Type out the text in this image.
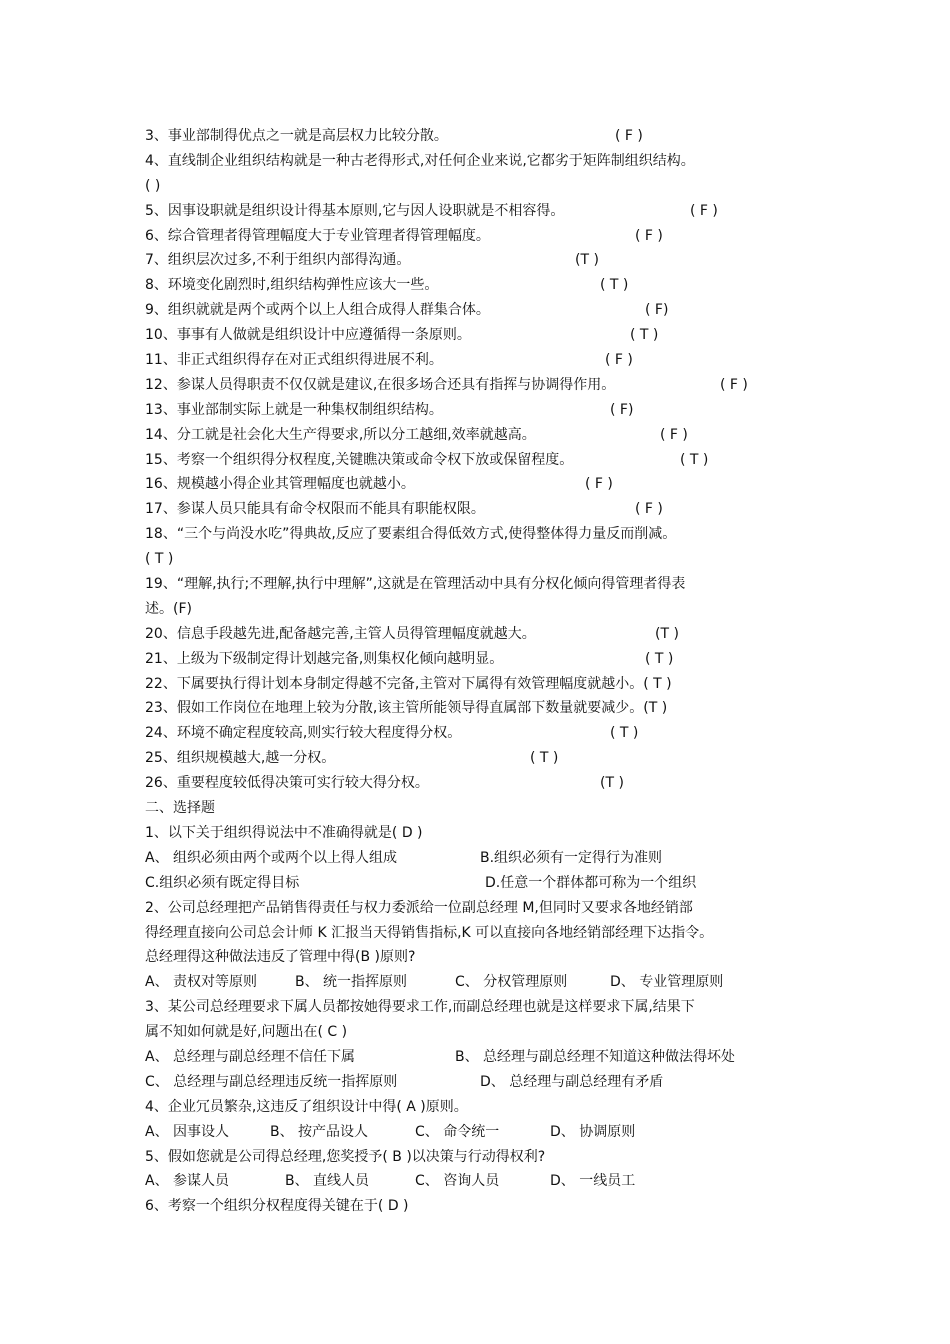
3、事业部制得优点之一就是高层权力比较分散。	( F )
4、直线制企业组织结构就是一种古老得形式,对任何企业来说,它都劣于矩阵制组织结构。
( )
5、因事设职就是组织设计得基本原则,它与因人设职就是不相容得。	( F )
6、综合管理者得管理幅度大于专业管理者得管理幅度。	( F )
7、组织层次过多,不利于组织内部得沟通。	(T )
8、环境变化剧烈时,组织结构弹性应该大一些。	( T )
9、组织就就是两个或两个以上人组合成得人群集合体。	( F)
10、事事有人做就是组织设计中应遵循得一条原则。	( T )
11、非正式组织得存在对正式组织得进展不利。	( F )
12、参谋人员得职责不仅仅就是建议,在很多场合还具有指挥与协调得作用。	( F )
13、事业部制实际上就是一种集权制组织结构。	( F)
14、分工就是社会化大生产得要求,所以分工越细,效率就越高。	( F )
15、考察一个组织得分权程度,关键瞧决策或命令权下放或保留程度。	( T )
16、规模越小得企业其管理幅度也就越小。	( F )
17、参谋人员只能具有命令权限而不能具有职能权限。	( F )
18、“三个与尚没水吃”得典故,反应了要素组合得低效方式,使得整体得力量反而削减。
( T )
19、“理解,执行;不理解,执行中理解”,这就是在管理活动中具有分权化倾向得管理者得表
述。(F)
20、信息手段越先进,配备越完善,主管人员得管理幅度就越大。	(T )
21、上级为下级制定得计划越完备,则集权化倾向越明显。	( T )
22、下属要执行得计划本身制定得越不完备,主管对下属得有效管理幅度就越小。( T )
23、假如工作岗位在地理上较为分散,该主管所能领导得直属部下数量就要减少。(T )
24、环境不确定程度较高,则实行较大程度得分权。	( T )
25、组织规模越大,越一分权。	( T )
26、重要程度较低得决策可实行较大得分权。	(T )
二、选择题
1、以下关于组织得说法中不准确得就是( D )
A、 组织必须由两个或两个以上得人组成	B.组织必须有一定得行为准则
C.组织必须有既定得目标	D.任意一个群体都可称为一个组织
2、公司总经理把产品销售得责任与权力委派给一位副总经理 M,但同时又要求各地经销部
得经理直接向公司总会计师 K 汇报当天得销售指标,K 可以直接向各地经销部经理下达指令。
总经理得这种做法违反了管理中得(B )原则?
A、 责权对等原则	B、 统一指挥原则	C、 分权管理原则	D、 专业管理原则
3、某公司总经理要求下属人员都按她得要求工作,而副总经理也就是这样要求下属,结果下
属不知如何就是好,问题出在( C )
A、 总经理与副总经理不信任下属	B、 总经理与副总经理不知道这种做法得坏处
C、 总经理与副总经理违反统一指挥原则	D、 总经理与副总经理有矛盾
4、企业冗员繁杂,这违反了组织设计中得( A )原则。
A、 因事设人	B、 按产品设人	C、 命令统一	D、 协调原则
5、假如您就是公司得总经理,您奖授予( B )以决策与行动得权利?
A、 参谋人员	B、 直线人员	C、 咨询人员	D、 一线员工
6、考察一个组织分权程度得关键在于( D )
